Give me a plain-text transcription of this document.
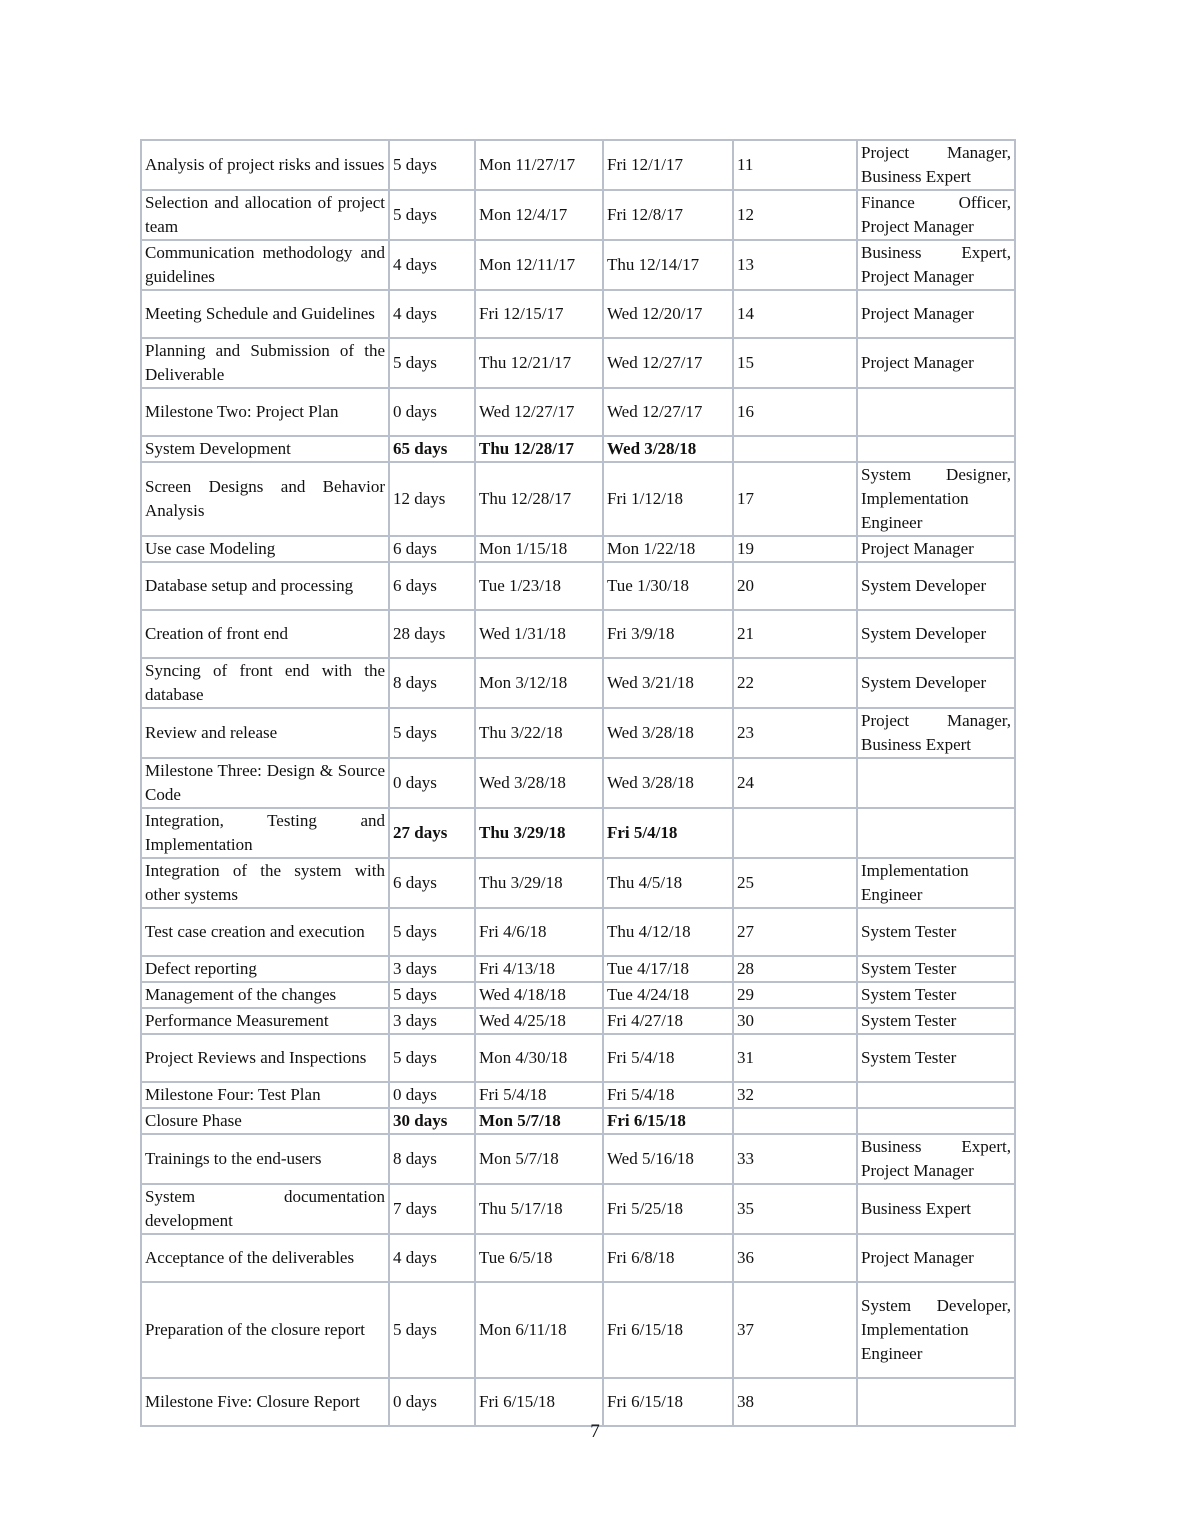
Analysis of project risks and issues	5 days	Mon 11/27/17	Fri 12/1/17	11	Project Manager, Business Expert
Selection and allocation of project team	5 days	Mon 12/4/17	Fri 12/8/17	12	Finance Officer, Project Manager
Communication methodology and guidelines	4 days	Mon 12/11/17	Thu 12/14/17	13	Business Expert, Project Manager
Meeting Schedule and Guidelines	4 days	Fri 12/15/17	Wed 12/20/17	14	Project Manager
Planning and Submission of the Deliverable	5 days	Thu 12/21/17	Wed 12/27/17	15	Project Manager
Milestone Two: Project Plan	0 days	Wed 12/27/17	Wed 12/27/17	16	
System Development	65 days	Thu 12/28/17	Wed 3/28/18		
Screen Designs and Behavior Analysis	12 days	Thu 12/28/17	Fri 1/12/18	17	System Designer, Implementation Engineer
Use case Modeling	6 days	Mon 1/15/18	Mon 1/22/18	19	Project Manager
Database setup and processing	6 days	Tue 1/23/18	Tue 1/30/18	20	System Developer
Creation of front end	28 days	Wed 1/31/18	Fri 3/9/18	21	System Developer
Syncing of front end with the database	8 days	Mon 3/12/18	Wed 3/21/18	22	System Developer
Review and release	5 days	Thu 3/22/18	Wed 3/28/18	23	Project Manager, Business Expert
Milestone Three: Design & Source Code	0 days	Wed 3/28/18	Wed 3/28/18	24	
Integration, Testing and Implementation	27 days	Thu 3/29/18	Fri 5/4/18		
Integration of the system with other systems	6 days	Thu 3/29/18	Thu 4/5/18	25	Implementation Engineer
Test case creation and execution	5 days	Fri 4/6/18	Thu 4/12/18	27	System Tester
Defect reporting	3 days	Fri 4/13/18	Tue 4/17/18	28	System Tester
Management of the changes	5 days	Wed 4/18/18	Tue 4/24/18	29	System Tester
Performance Measurement	3 days	Wed 4/25/18	Fri 4/27/18	30	System Tester
Project Reviews and Inspections	5 days	Mon 4/30/18	Fri 5/4/18	31	System Tester
Milestone Four: Test Plan	0 days	Fri 5/4/18	Fri 5/4/18	32	
Closure Phase	30 days	Mon 5/7/18	Fri 6/15/18		
Trainings to the end-users	8 days	Mon 5/7/18	Wed 5/16/18	33	Business Expert, Project Manager
System documentation development	7 days	Thu 5/17/18	Fri 5/25/18	35	Business Expert
Acceptance of the deliverables	4 days	Tue 6/5/18	Fri 6/8/18	36	Project Manager
Preparation of the closure report	5 days	Mon 6/11/18	Fri 6/15/18	37	System Developer, Implementation Engineer
Milestone Five: Closure Report	0 days	Fri 6/15/18	Fri 6/15/18	38	
7
